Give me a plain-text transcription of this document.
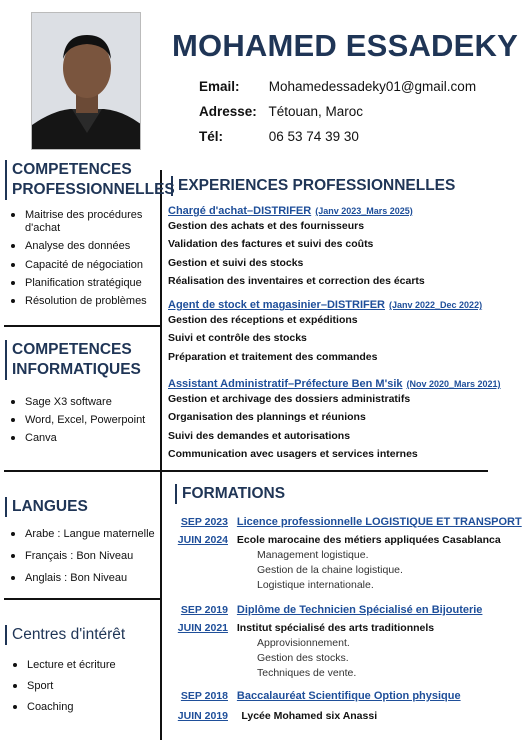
MOHAMED ESSADEKY
Email: Mohamedessadeky01@gmail.com
Adresse: Tétouan, Maroc
Tél:	06 53 74 39 30
COMPETENCES
PROFESSIONNELLES
Maitrise des procédures d'achat
Analyse des données
Capacité de négociation
Planification stratégique
Résolution de problèmes
COMPETENCES
INFORMATIQUES
Sage X3 software
Word, Excel, Powerpoint
Canva
LANGUES
Arabe : Langue maternelle
Français : Bon Niveau
Anglais : Bon Niveau
Centres d'intérêt
Lecture et écriture
Sport
Coaching
EXPERIENCES PROFESSIONNELLES
Chargé d'achat–DISTRIFER (Janv 2023_Mars 2025)
Gestion des achats et des fournisseurs
Validation des factures et suivi des coûts
Gestion et suivi des stocks
Réalisation des inventaires et correction des écarts
Agent de stock et magasinier–DISTRIFER (Janv 2022_Dec 2022)
Gestion des réceptions et expéditions
Suivi et contrôle des stocks
Préparation et traitement des commandes
Assistant Administratif–Préfecture Ben M'sik (Nov 2020_Mars 2021)
Gestion et archivage des dossiers administratifs
Organisation des plannings et réunions
Suivi des demandes et autorisations
Communication avec usagers et services internes
FORMATIONS
SEP 2023 Licence professionnelle LOGISTIQUE ET TRANSPORT
JUIN 2024 Ecole marocaine des métiers appliquées Casablanca
Management logistique.
Gestion de la chaine logistique.
Logistique internationale.
SEP 2019 Diplôme de Technicien Spécialisé en Bijouterie
JUIN 2021 Institut spécialisé des arts traditionnels
Approvisionnement.
Gestion des stocks.
Techniques de vente.
SEP 2018 Baccalauréat Scientifique Option physique
JUIN 2019 Lycée Mohamed six Anassi
